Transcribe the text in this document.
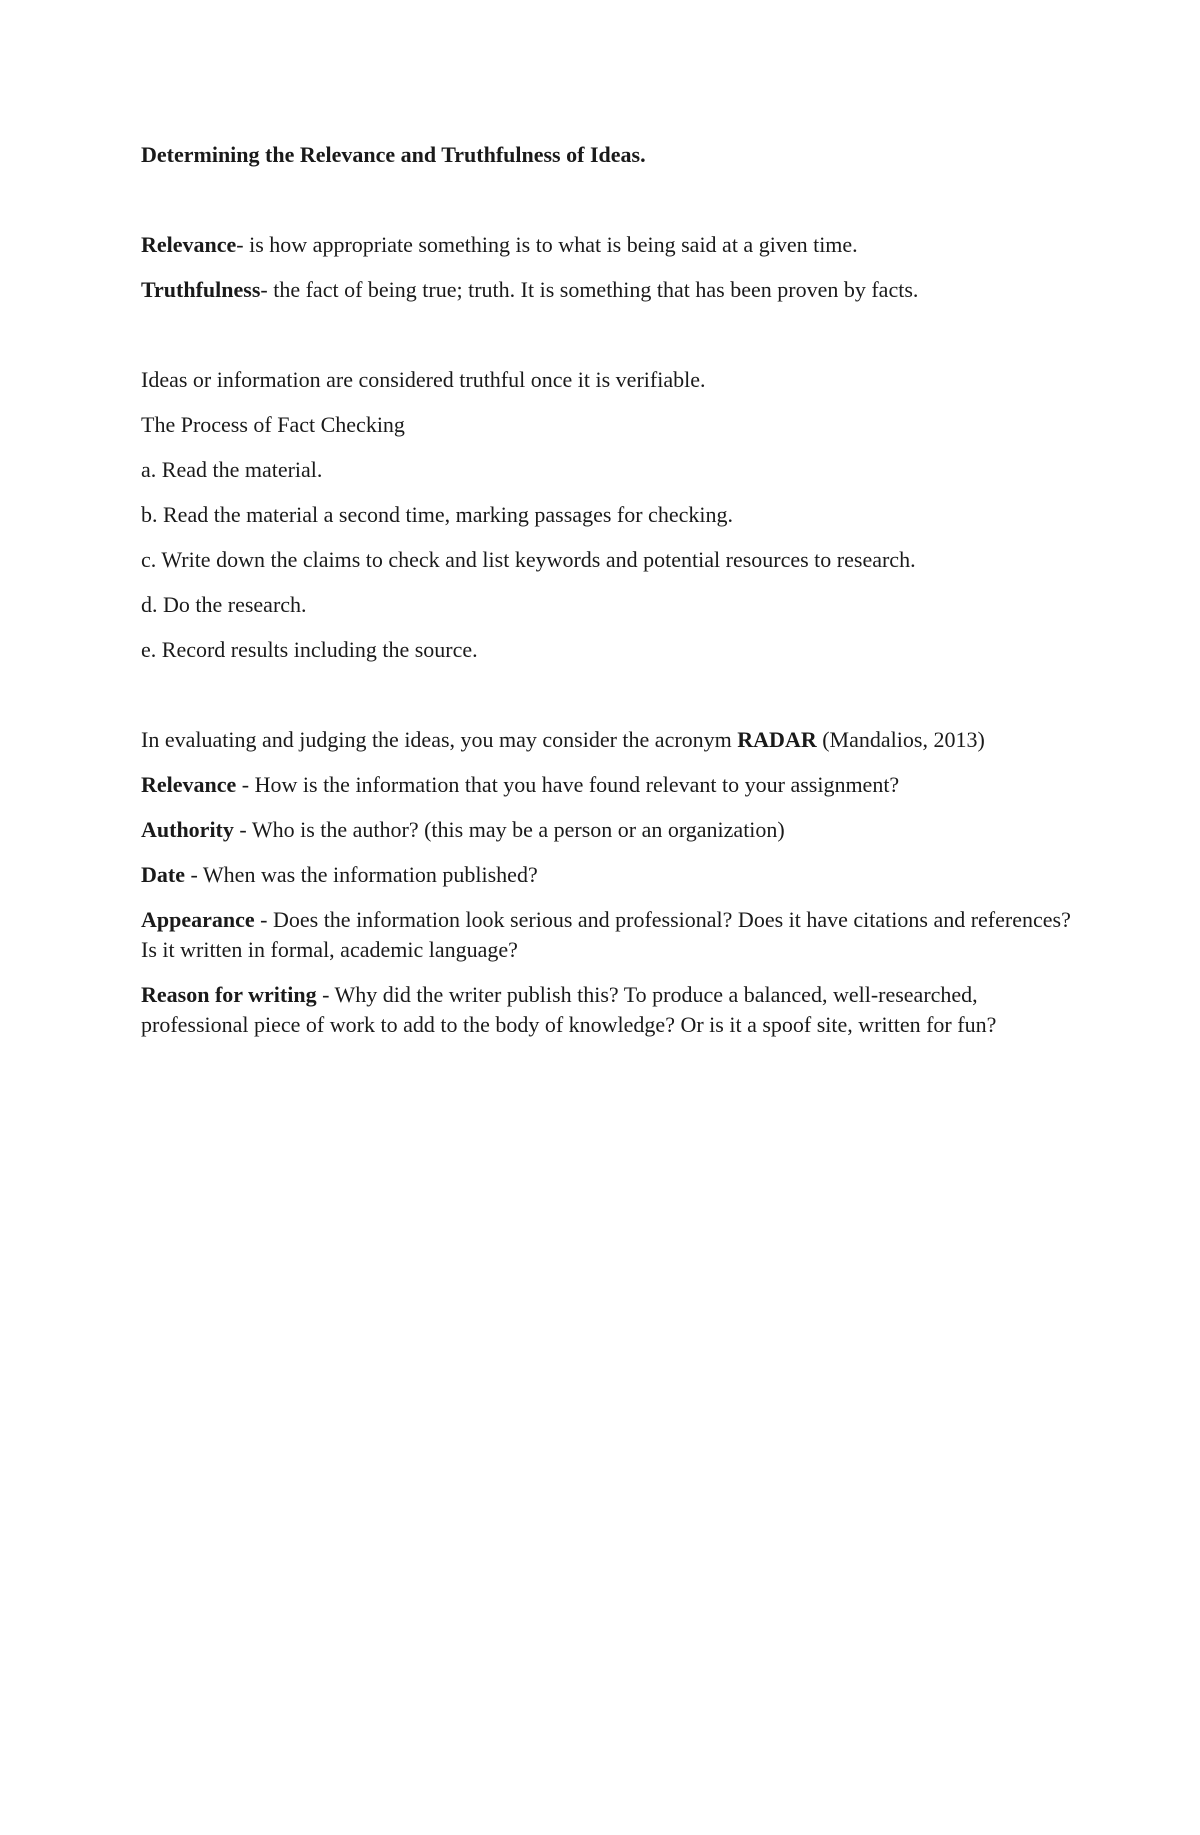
Determining the Relevance and Truthfulness of Ideas.

Relevance- is how appropriate something is to what is being said at a given time.

Truthfulness- the fact of being true; truth. It is something that has been proven by facts.

Ideas or information are considered truthful once it is verifiable.

The Process of Fact Checking

a. Read the material.

b. Read the material a second time, marking passages for checking.

c. Write down the claims to check and list keywords and potential resources to research.

d. Do the research.

e. Record results including the source.

In evaluating and judging the ideas, you may consider the acronym RADAR (Mandalios, 2013)

Relevance - How is the information that you have found relevant to your assignment?

Authority - Who is the author? (this may be a person or an organization)

Date - When was the information published?

Appearance - Does the information look serious and professional? Does it have citations and references? Is it written in formal, academic language?

Reason for writing - Why did the writer publish this? To produce a balanced, well-researched, professional piece of work to add to the body of knowledge? Or is it a spoof site, written for fun?
